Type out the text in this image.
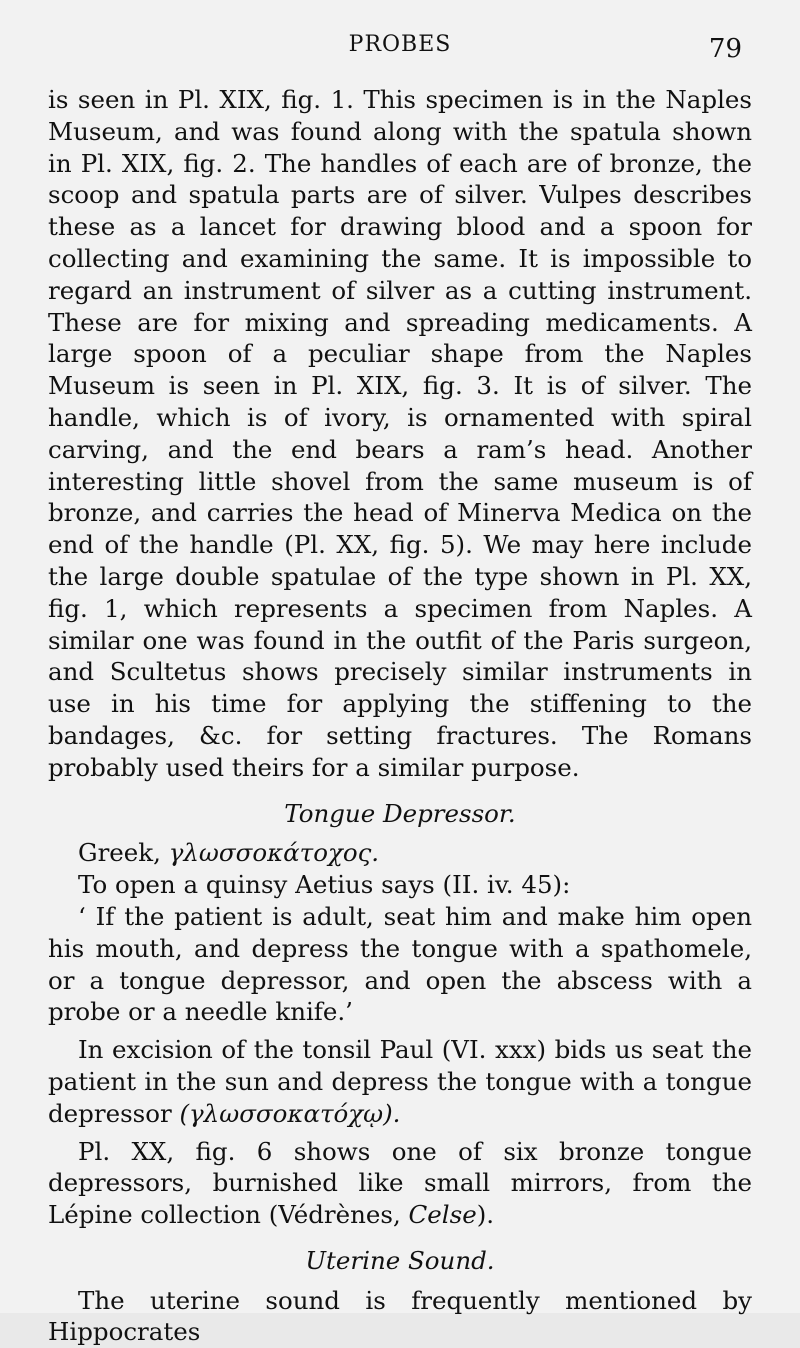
PROBES	79

is seen in Pl. XIX, fig. 1. This specimen is in the Naples Museum, and was found along with the spatula shown in Pl. XIX, fig. 2. The handles of each are of bronze, the scoop and spatula parts are of silver. Vulpes describes these as a lancet for drawing blood and a spoon for collecting and examining the same. It is impossible to regard an instrument of silver as a cutting instrument. These are for mixing and spreading medicaments. A large spoon of a peculiar shape from the Naples Museum is seen in Pl. XIX, fig. 3. It is of silver. The handle, which is of ivory, is ornamented with spiral carving, and the end bears a ram’s head. Another interesting little shovel from the same museum is of bronze, and carries the head of Minerva Medica on the end of the handle (Pl. XX, fig. 5). We may here include the large double spatulae of the type shown in Pl. XX, fig. 1, which represents a specimen from Naples. A similar one was found in the outfit of the Paris surgeon, and Scultetus shows precisely similar instruments in use in his time for applying the stiffening to the bandages, &c. for setting fractures. The Romans probably used theirs for a similar purpose.

Tongue Depressor.

Greek, γλωσσοκάτοχος.

To open a quinsy Aetius says (II. iv. 45):

‘ If the patient is adult, seat him and make him open his mouth, and depress the tongue with a spathomele, or a tongue depressor, and open the abscess with a probe or a needle knife.’

In excision of the tonsil Paul (VI. xxx) bids us seat the patient in the sun and depress the tongue with a tongue depressor (γλωσσοκατόχῳ).

Pl. XX, fig. 6 shows one of six bronze tongue depressors, burnished like small mirrors, from the Lépine collection (Védrènes, Celse).

Uterine Sound.

The uterine sound is frequently mentioned by Hippocrates
